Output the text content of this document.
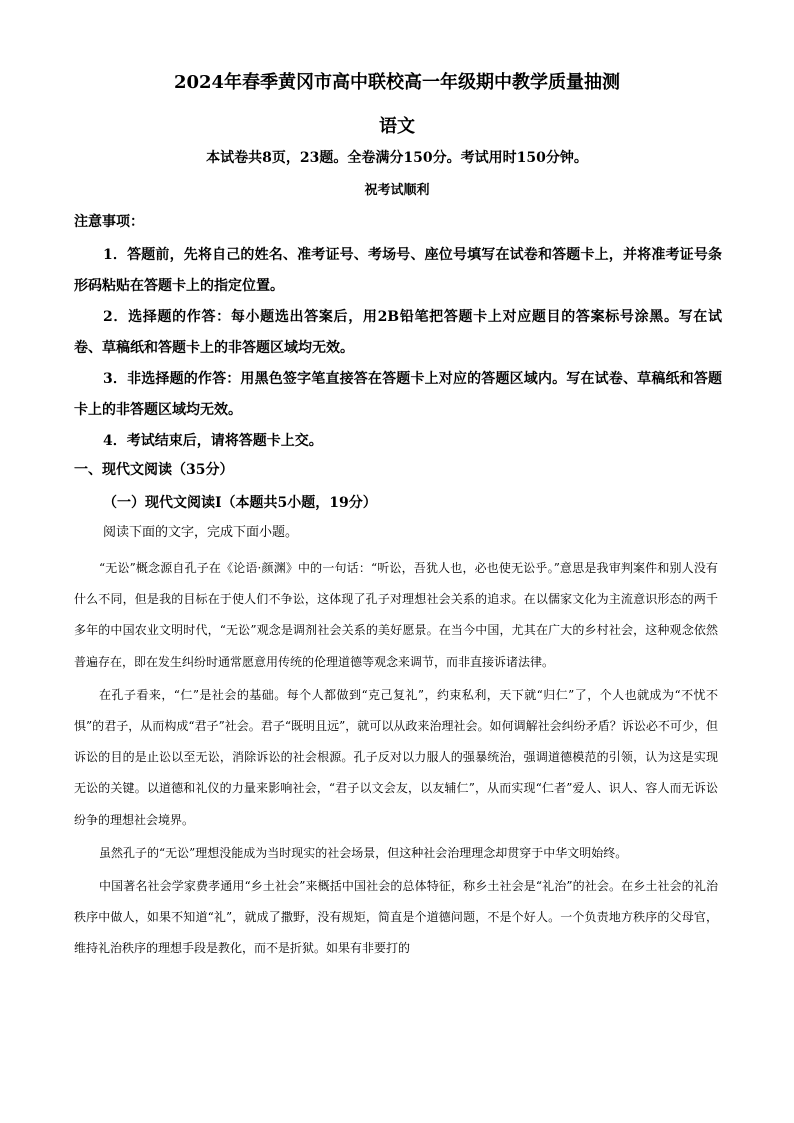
2024年春季黄冈市高中联校高一年级期中教学质量抽测
语文
本试卷共8页，23题。全卷满分150分。考试用时150分钟。
祝考试顺利
注意事项：

1．答题前，先将自己的姓名、准考证号、考场号、座位号填写在试卷和答题卡上，并将准考证号条形码粘贴在答题卡上的指定位置。

2．选择题的作答：每小题选出答案后，用2B铅笔把答题卡上对应题目的答案标号涂黑。写在试卷、草稿纸和答题卡上的非答题区域均无效。

3．非选择题的作答：用黑色签字笔直接答在答题卡上对应的答题区域内。写在试卷、草稿纸和答题卡上的非答题区域均无效。

4．考试结束后，请将答题卡上交。

一、现代文阅读（35分）
（一）现代文阅读Ⅰ（本题共5小题，19分）
阅读下面的文字，完成下面小题。

“无讼”概念源自孔子在《论语·颜渊》中的一句话：“听讼，吾犹人也，必也使无讼乎。”意思是我审判案件和别人没有什么不同，但是我的目标在于使人们不争讼，这体现了孔子对理想社会关系的追求。在以儒家文化为主流意识形态的两千多年的中国农业文明时代，“无讼”观念是调剂社会关系的美好愿景。在当今中国，尤其在广大的乡村社会，这种观念依然普遍存在，即在发生纠纷时通常愿意用传统的伦理道德等观念来调节，而非直接诉诸法律。

在孔子看来，“仁”是社会的基础。每个人都做到“克己复礼”，约束私利，天下就“归仁”了，个人也就成为“不忧不惧”的君子，从而构成“君子”社会。君子“既明且远”，就可以从政来治理社会。如何调解社会纠纷矛盾？诉讼必不可少，但诉讼的目的是止讼以至无讼，消除诉讼的社会根源。孔子反对以力服人的强暴统治，强调道德模范的引领，认为这是实现无讼的关键。以道德和礼仪的力量来影响社会，“君子以文会友，以友辅仁”，从而实现“仁者”爱人、识人、容人而无诉讼纷争的理想社会境界。

虽然孔子的“无讼”理想没能成为当时现实的社会场景，但这种社会治理理念却贯穿于中华文明始终。

中国著名社会学家费孝通用“乡土社会”来概括中国社会的总体特征，称乡土社会是“礼治”的社会。在乡土社会的礼治秩序中做人，如果不知道“礼”，就成了撒野，没有规矩，简直是个道德问题，不是个好人。一个负责地方秩序的父母官，维持礼治秩序的理想手段是教化，而不是折狱。如果有非要打的
